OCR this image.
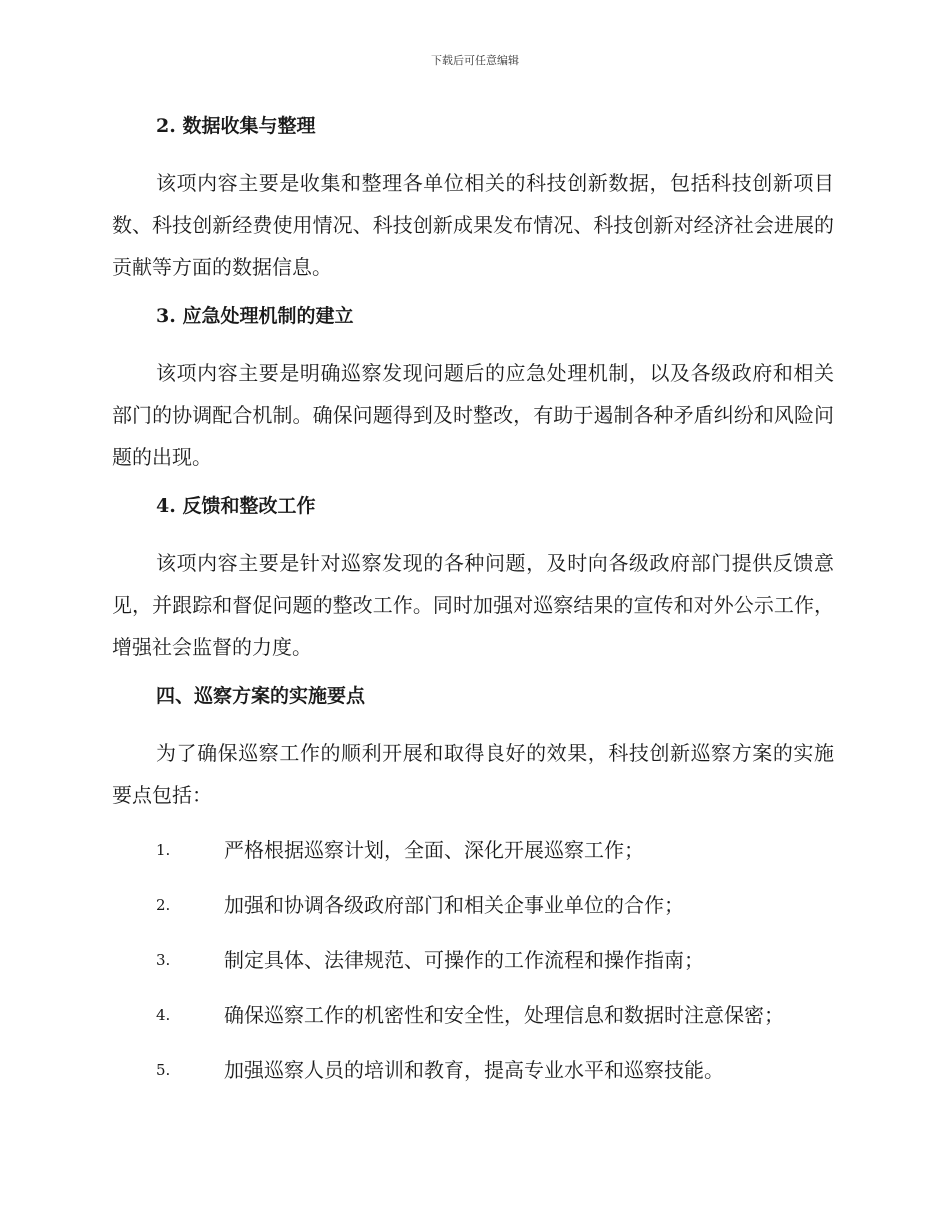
下载后可任意编辑
2. 数据收集与整理

该项内容主要是收集和整理各单位相关的科技创新数据，包括科技创新项目数、科技创新经费使用情况、科技创新成果发布情况、科技创新对经济社会进展的贡献等方面的数据信息。

3. 应急处理机制的建立

该项内容主要是明确巡察发现问题后的应急处理机制，以及各级政府和相关部门的协调配合机制。确保问题得到及时整改，有助于遏制各种矛盾纠纷和风险问题的出现。

4. 反馈和整改工作

该项内容主要是针对巡察发现的各种问题，及时向各级政府部门提供反馈意见，并跟踪和督促问题的整改工作。同时加强对巡察结果的宣传和对外公示工作，增强社会监督的力度。

四、巡察方案的实施要点

为了确保巡察工作的顺利开展和取得良好的效果，科技创新巡察方案的实施要点包括：

1.	严格根据巡察计划，全面、深化开展巡察工作；
2.	加强和协调各级政府部门和相关企事业单位的合作；
3.	制定具体、法律规范、可操作的工作流程和操作指南；
4.	确保巡察工作的机密性和安全性，处理信息和数据时注意保密；
5.	加强巡察人员的培训和教育，提高专业水平和巡察技能。
